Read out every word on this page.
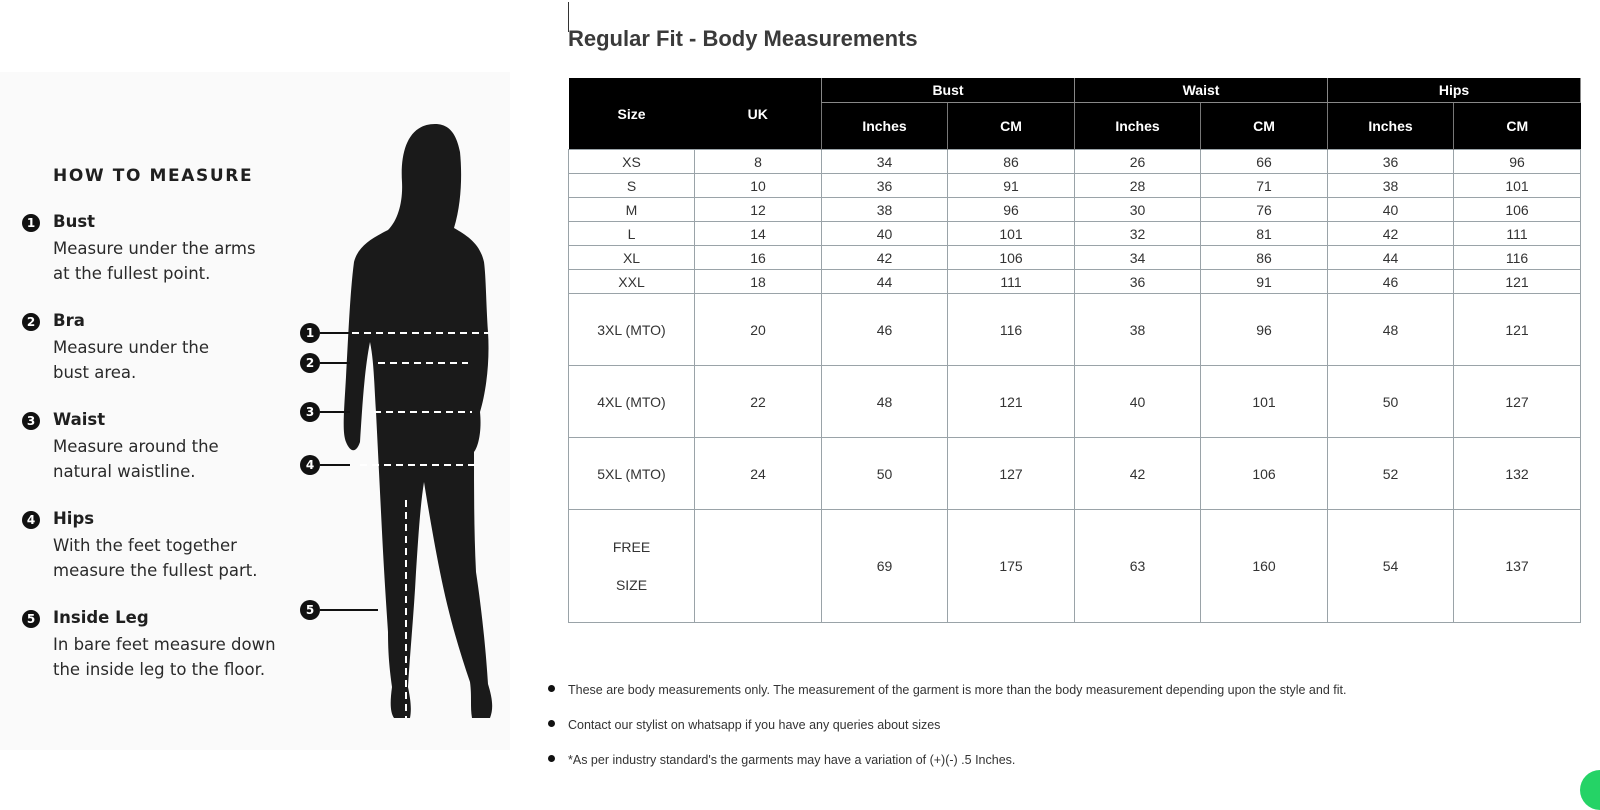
HOW TO MEASURE
1 Bust
Measure under the arms at the fullest point.
2 Bra
Measure under the bust area.
3 Waist
Measure around the natural waistline.
4 Hips
With the feet together measure the fullest part.
5 Inside Leg
In bare feet measure down the inside leg to the floor.
1
2
3
4
5
Regular Fit - Body Measurements
Size	UK	Bust		Waist		Hips	
		Inches	CM	Inches	CM	Inches	CM
XS	8	34	86	26	66	36	96
S	10	36	91	28	71	38	101
M	12	38	96	30	76	40	106
L	14	40	101	32	81	42	111
XL	16	42	106	34	86	44	116
XXL	18	44	111	36	91	46	121
3XL (MTO)	20	46	116	38	96	48	121
4XL (MTO)	22	48	121	40	101	50	127
5XL (MTO)	24	50	127	42	106	52	132

FREE
SIZE		69	175	63	160	54	137
These are body measurements only. The measurement of the garment is more than the body measurement depending upon the style and fit.
Contact our stylist on whatsapp if you have any queries about sizes
*As per industry standard's the garments may have a variation of (+)(-) .5 Inches.
